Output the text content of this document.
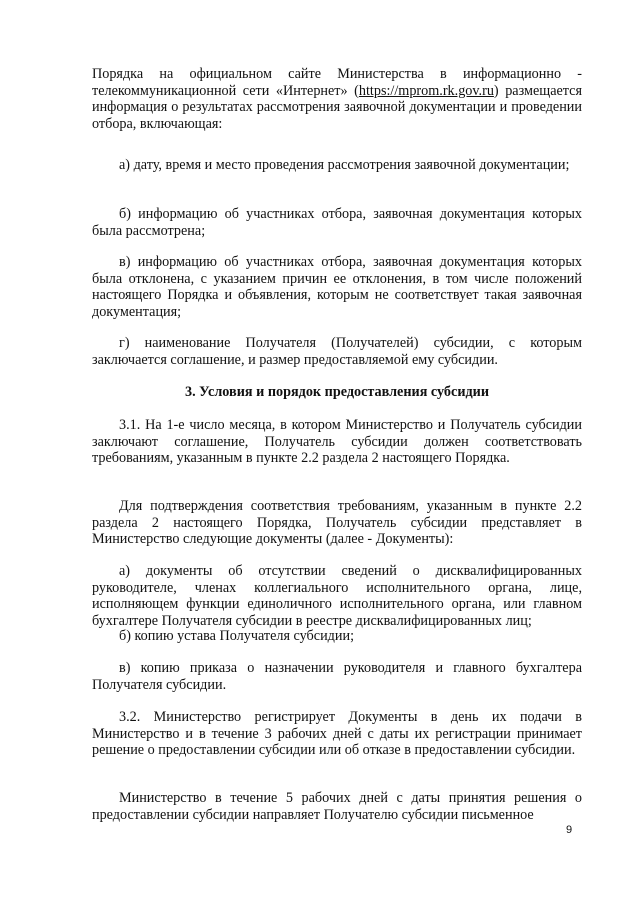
Порядка на официальном сайте Министерства в информационно - телекоммуникационной сети «Интернет» (https://mprom.rk.gov.ru) размещается информация о результатах рассмотрения заявочной документации и проведении отбора, включающая:

а) дату, время и место проведения рассмотрения заявочной документации;

б) информацию об участниках отбора, заявочная документация которых была рассмотрена;

в) информацию об участниках отбора, заявочная документация которых была отклонена, с указанием причин ее отклонения, в том числе положений настоящего Порядка и объявления, которым не соответствует такая заявочная документация;

г) наименование Получателя (Получателей) субсидии, с которым заключается соглашение, и размер предоставляемой ему субсидии.

3. Условия и порядок предоставления субсидии

3.1. На 1-е число месяца, в котором Министерство и Получатель субсидии заключают соглашение, Получатель субсидии должен соответствовать требованиям, указанным в пункте 2.2 раздела 2 настоящего Порядка.

Для подтверждения соответствия требованиям, указанным в пункте 2.2 раздела 2 настоящего Порядка, Получатель субсидии представляет в Министерство следующие документы (далее - Документы):

а) документы об отсутствии сведений о дисквалифицированных руководителе, членах коллегиального исполнительного органа, лице, исполняющем функции единоличного исполнительного органа, или главном бухгалтере Получателя субсидии в реестре дисквалифицированных лиц;

б) копию устава Получателя субсидии;

в) копию приказа о назначении руководителя и главного бухгалтера Получателя субсидии.

3.2. Министерство регистрирует Документы в день их подачи в Министерство и в течение 3 рабочих дней с даты их регистрации принимает решение о предоставлении субсидии или об отказе в предоставлении субсидии.

Министерство в течение 5 рабочих дней с даты принятия решения о предоставлении субсидии направляет Получателю субсидии письменное

9
